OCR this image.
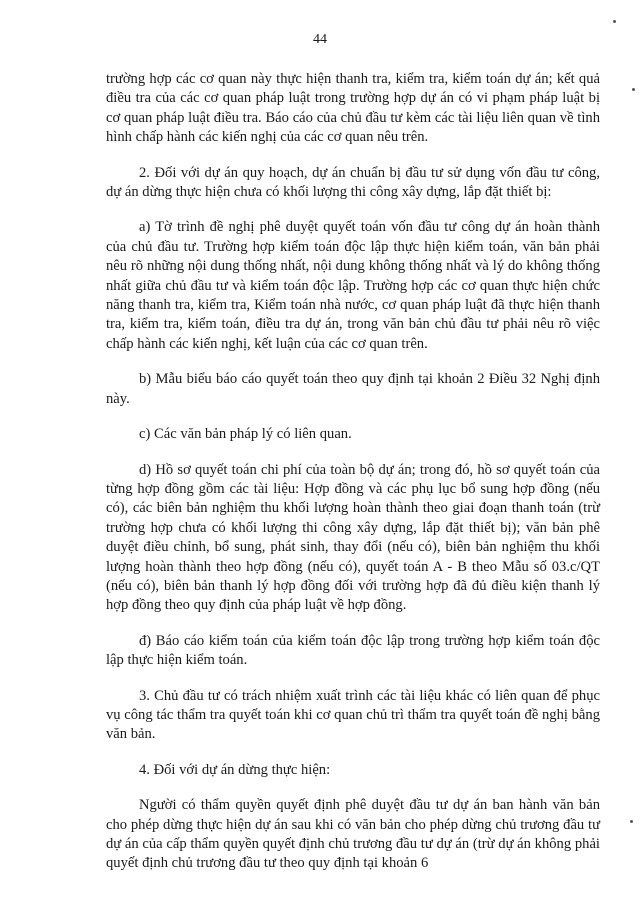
44

trường hợp các cơ quan này thực hiện thanh tra, kiểm tra, kiểm toán dự án; kết quả điều tra của các cơ quan pháp luật trong trường hợp dự án có vi phạm pháp luật bị cơ quan pháp luật điều tra. Báo cáo của chủ đầu tư kèm các tài liệu liên quan về tình hình chấp hành các kiến nghị của các cơ quan nêu trên.

2. Đối với dự án quy hoạch, dự án chuẩn bị đầu tư sử dụng vốn đầu tư công, dự án dừng thực hiện chưa có khối lượng thi công xây dựng, lắp đặt thiết bị:

a) Tờ trình đề nghị phê duyệt quyết toán vốn đầu tư công dự án hoàn thành của chủ đầu tư. Trường hợp kiểm toán độc lập thực hiện kiểm toán, văn bản phải nêu rõ những nội dung thống nhất, nội dung không thống nhất và lý do không thống nhất giữa chủ đầu tư và kiểm toán độc lập. Trường hợp các cơ quan thực hiện chức năng thanh tra, kiểm tra, Kiểm toán nhà nước, cơ quan pháp luật đã thực hiện thanh tra, kiểm tra, kiểm toán, điều tra dự án, trong văn bản chủ đầu tư phải nêu rõ việc chấp hành các kiến nghị, kết luận của các cơ quan trên.

b) Mẫu biểu báo cáo quyết toán theo quy định tại khoản 2 Điều 32 Nghị định này.

c) Các văn bản pháp lý có liên quan.

d) Hồ sơ quyết toán chi phí của toàn bộ dự án; trong đó, hồ sơ quyết toán của từng hợp đồng gồm các tài liệu: Hợp đồng và các phụ lục bổ sung hợp đồng (nếu có), các biên bản nghiệm thu khối lượng hoàn thành theo giai đoạn thanh toán (trừ trường hợp chưa có khối lượng thi công xây dựng, lắp đặt thiết bị); văn bản phê duyệt điều chỉnh, bổ sung, phát sinh, thay đổi (nếu có), biên bản nghiệm thu khối lượng hoàn thành theo hợp đồng (nếu có), quyết toán A - B theo Mẫu số 03.c/QT (nếu có), biên bản thanh lý hợp đồng đối với trường hợp đã đủ điều kiện thanh lý hợp đồng theo quy định của pháp luật về hợp đồng.

đ) Báo cáo kiểm toán của kiểm toán độc lập trong trường hợp kiểm toán độc lập thực hiện kiểm toán.

3. Chủ đầu tư có trách nhiệm xuất trình các tài liệu khác có liên quan để phục vụ công tác thẩm tra quyết toán khi cơ quan chủ trì thẩm tra quyết toán đề nghị bằng văn bản.

4. Đối với dự án dừng thực hiện:

Người có thẩm quyền quyết định phê duyệt đầu tư dự án ban hành văn bản cho phép dừng thực hiện dự án sau khi có văn bản cho phép dừng chủ trương đầu tư dự án của cấp thẩm quyền quyết định chủ trương đầu tư dự án (trừ dự án không phải quyết định chủ trương đầu tư theo quy định tại khoản 6
